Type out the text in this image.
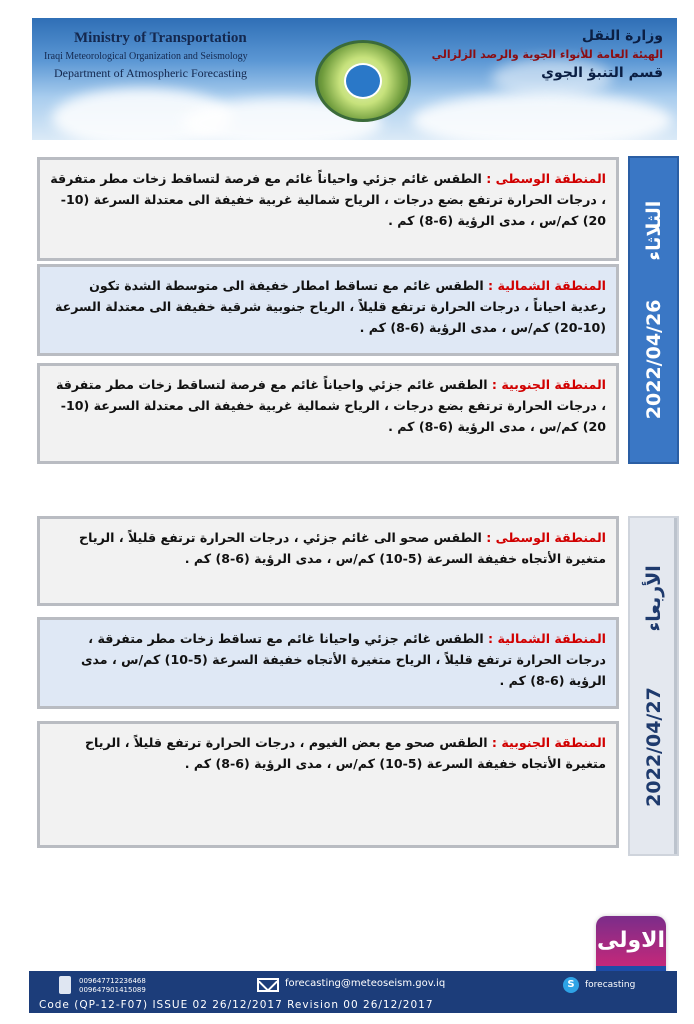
Ministry of Transportation
Iraqi Meteorological Organization and Seismology
Department of Atmospheric Forecasting
وزارة النقل
الهيئة العامة للأنواء الجوية والرصد الزلزالي
قسم التنبؤ الجوي
2022/04/26       الثلاثاء
المنطقة الوسطى : الطقس غائم جزئي واحياناً غائم مع فرصة لتساقط زخات مطر متفرقة ، درجات الحرارة ترتفع بضع درجات ، الرياح شمالية غربية خفيفة الى معتدلة السرعة (10-20) كم/س ، مدى الرؤية (6-8) كم .
المنطقة الشمالية : الطقس غائم مع تساقط امطار خفيفة الى متوسطة الشدة تكون رعدية احياناً ، درجات الحرارة ترتفع قليلاً ، الرياح جنوبية شرقية خفيفة الى معتدلة السرعة (10-20) كم/س ، مدى الرؤية (6-8) كم .
المنطقة الجنوبية : الطقس غائم جزئي واحياناً غائم مع فرصة لتساقط زخات مطر متفرقة ، درجات الحرارة ترتفع بضع درجات ، الرياح شمالية غربية خفيفة الى معتدلة السرعة (10-20) كم/س ، مدى الرؤية (6-8) كم .
2022/04/27          الأربعاء
المنطقة الوسطى : الطقس صحو الى غائم جزئي ، درجات الحرارة ترتفع قليلاً ، الرياح متغيرة الأتجاه خفيفة السرعة (5-10) كم/س ، مدى الرؤية (6-8) كم .
المنطقة الشمالية : الطقس غائم جزئي واحيانا غائم مع تساقط زخات مطر متفرقة ، درجات الحرارة ترتفع قليلاً ، الرياح متغيرة الأتجاه خفيفة السرعة (5-10) كم/س ، مدى الرؤية (6-8) كم .
المنطقة الجنوبية : الطقس صحو مع بعض الغيوم ، درجات الحرارة ترتفع قليلاً ، الرياح متغيرة الأتجاه خفيفة السرعة (5-10) كم/س ، مدى الرؤية (6-8) كم .
الاولى
009647712236468
009647901415089
forecasting@meteoseism.gov.iq	S	forecasting
Code (QP-12-F07) ISSUE 02 26/12/2017 Revision 00 26/12/2017
